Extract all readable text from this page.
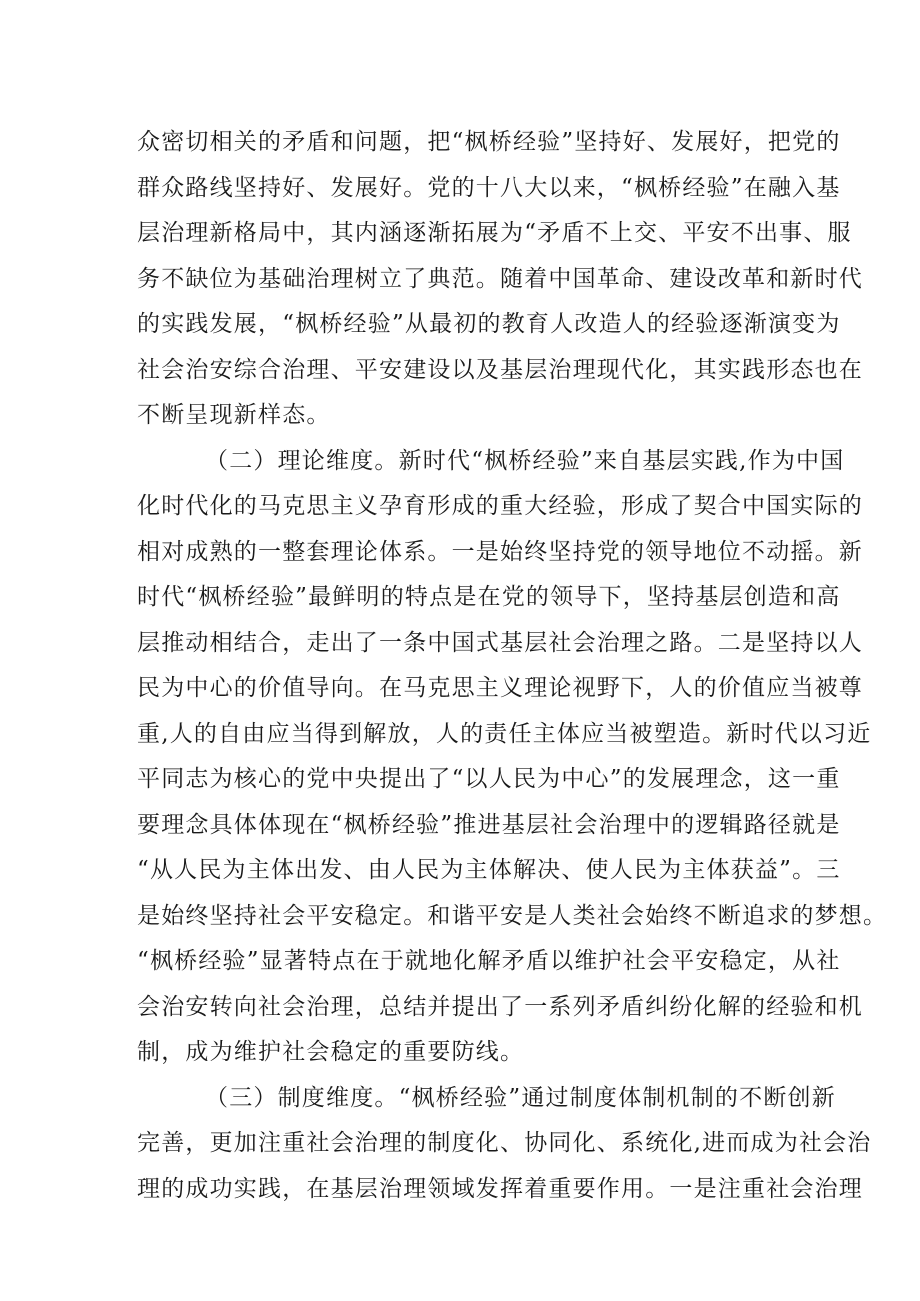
众密切相关的矛盾和问题，把“枫桥经验”坚持好、发展好，把党的
群众路线坚持好、发展好。党的十八大以来，“枫桥经验”在融入基
层治理新格局中，其内涵逐渐拓展为“矛盾不上交、平安不出事、服
务不缺位为基础治理树立了典范。随着中国革命、建设改革和新时代
的实践发展，“枫桥经验”从最初的教育人改造人的经验逐渐演变为
社会治安综合治理、平安建设以及基层治理现代化，其实践形态也在
不断呈现新样态。
（二）理论维度。新时代“枫桥经验”来自基层实践,作为中国
化时代化的马克思主义孕育形成的重大经验，形成了契合中国实际的
相对成熟的一整套理论体系。一是始终坚持党的领导地位不动摇。新
时代“枫桥经验”最鲜明的特点是在党的领导下，坚持基层创造和高
层推动相结合，走出了一条中国式基层社会治理之路。二是坚持以人
民为中心的价值导向。在马克思主义理论视野下，人的价值应当被尊
重,人的自由应当得到解放，人的责任主体应当被塑造。新时代以习近
平同志为核心的党中央提出了“以人民为中心”的发展理念，这一重
要理念具体体现在“枫桥经验”推进基层社会治理中的逻辑路径就是
“从人民为主体出发、由人民为主体解决、使人民为主体获益”。三
是始终坚持社会平安稳定。和谐平安是人类社会始终不断追求的梦想。
“枫桥经验”显著特点在于就地化解矛盾以维护社会平安稳定，从社
会治安转向社会治理，总结并提出了一系列矛盾纠纷化解的经验和机
制，成为维护社会稳定的重要防线。
（三）制度维度。“枫桥经验”通过制度体制机制的不断创新
完善，更加注重社会治理的制度化、协同化、系统化,进而成为社会治
理的成功实践，在基层治理领域发挥着重要作用。一是注重社会治理
